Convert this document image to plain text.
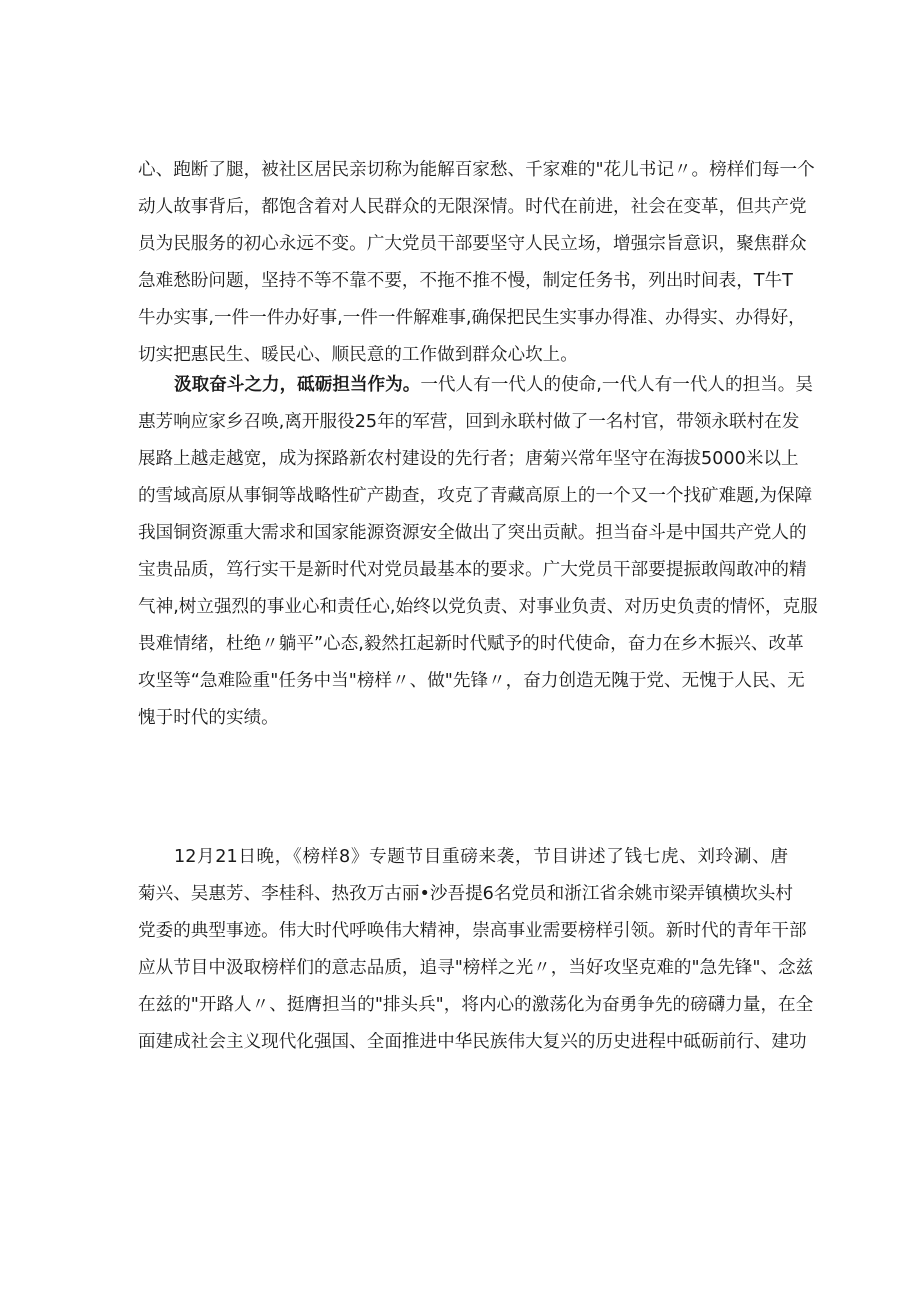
心、跑断了腿，被社区居民亲切称为能解百家愁、千家难的"花儿书记〃。榜样们每一个
动人故事背后，都饱含着对人民群众的无限深情。时代在前进，社会在变革，但共产党
员为民服务的初心永远不变。广大党员干部要坚守人民立场，增强宗旨意识，聚焦群众
急难愁盼问题，坚持不等不靠不要，不拖不推不慢，制定任务书，列出时间表，T牛T
牛办实事,一件一件办好事,一件一件解难事,确保把民生实事办得准、办得实、办得好，
切实把惠民生、暖民心、顺民意的工作做到群众心坎上。
汲取奋斗之力，砥砺担当作为。一代人有一代人的使命,一代人有一代人的担当。吴
惠芳响应家乡召唤,离开服役25年的军营，回到永联村做了一名村官，带领永联村在发
展路上越走越宽，成为探路新农村建设的先行者；唐菊兴常年坚守在海拔5000米以上
的雪域高原从事铜等战略性矿产勘查，攻克了青藏高原上的一个又一个找矿难题,为保障
我国铜资源重大需求和国家能源资源安全做出了突出贡献。担当奋斗是中国共产党人的
宝贵品质，笃行实干是新时代对党员最基本的要求。广大党员干部要提振敢闯敢冲的精
气神,树立强烈的事业心和责任心,始终以党负责、对事业负责、对历史负责的情怀，克服
畏难情绪，杜绝〃躺平”心态,毅然扛起新时代赋予的时代使命，奋力在乡木振兴、改革
攻坚等“急难险重"任务中当"榜样〃、做"先锋〃，奋力创造无隗于党、无愧于人民、无
愧于时代的实绩。
12月21日晚，《榜样8》专题节目重磅来袭，节目讲述了钱七虎、刘玲涮、唐
菊兴、吴惠芳、李桂科、热孜万古丽•沙吾提6名党员和浙江省余姚市梁弄镇横坎头村
党委的典型事迹。伟大时代呼唤伟大精神，崇高事业需要榜样引领。新时代的青年干部
应从节目中汲取榜样们的意志品质，追寻"榜样之光〃，当好攻坚克难的"急先锋"、念兹
在兹的"开路人〃、挺膺担当的"排头兵"，将内心的激荡化为奋勇争先的磅礴力量，在全
面建成社会主义现代化强国、全面推进中华民族伟大复兴的历史进程中砥砺前行、建功
